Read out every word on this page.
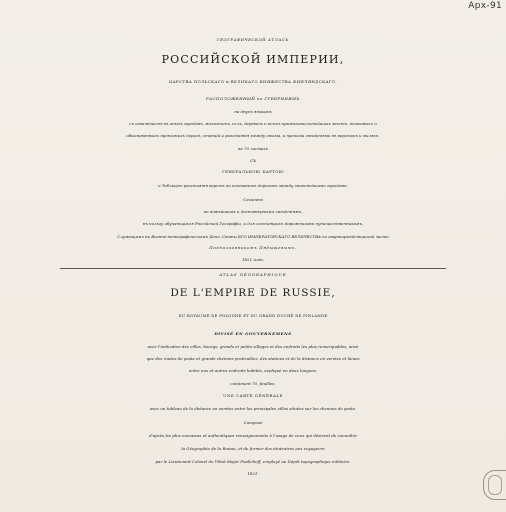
Арх-91
ГЕОГРАФИЧЕСКОЙ АТЛАСЪ
РОССИЙСКОЙ ИМПЕРИИ,
ЦАРСТВА ПОЛЬСКАГО и ВЕЛИКАГО КНЯЖЕСТВА ФИНЛЯНДСКАГО.
РАСПОЛОЖЕННЫЙ по ГУБЕРНИЯМЪ
на двухъ языкахъ
съ означениемъ въ оныхъ городовъ, мѣстечекъ, селъ, деревень и всѣхъ примѣчательнѣйшихъ мѣстъ, почтовыхъ и
обыкновенныхъ проѣзжихъ дорогъ, станцiй и разстоянiя между оными, и прочими свѣденiями въ верстахъ и миляхъ.
на 70 листахъ
СЪ
ГЕНЕРАЛЬНОЮ КАРТОЮ
и Таблицею разстоянiя верстъ по почтовымъ дорогамъ между знатнѣйшими городами.
Сочинено
по новѣйшимъ и достовѣрнымъ свѣденiямъ,
въ пользу обучающихся Россiйской Географiи, и для состоящихъ дорожниковъ путешественникамъ,
Служащимъ въ Военно-топографическомъ Депо, Свиты ЕГО ИМПЕРАТОРСКАГО ВЕЛИЧЕСТВА по квартирмейстерской части
Подполковникомъ Пядышевымъ.
1821 года.
ATLAS GÉOGRAPHIQUE
DE L'EMPIRE DE RUSSIE,
DU ROYAUME DE POLOGNE ET DU GRAND DUCHÉ DE FINLANDE
DIVISÉ EN GOUVERNEMENS
avec l'indication des villes, bourgs, grands et petits villages et des endroits les plus remarquables, ainsi
que des routes de poste et grands chemins praticables, des stations et de la distance en verstes et lieues
entre eux et autres endroits habités, expliqué en deux langues.
contenant 70. feuilles,
UNE CARTE GÉNÉRALE
avec un tableau de la distance en verstes entre les principales villes situées sur les chemins de poste.
Composé
d'après les plus nouveaux et authentiques renseignements à l'usage de ceux qui désirent de connaître
la Géographie de la Russie, et de former des itinéraires aux voyageurs
par le Lieutenant-Colonel de l'Etat-Major Piadicheff, employé au Dépôt topographique militaire.
1821.
